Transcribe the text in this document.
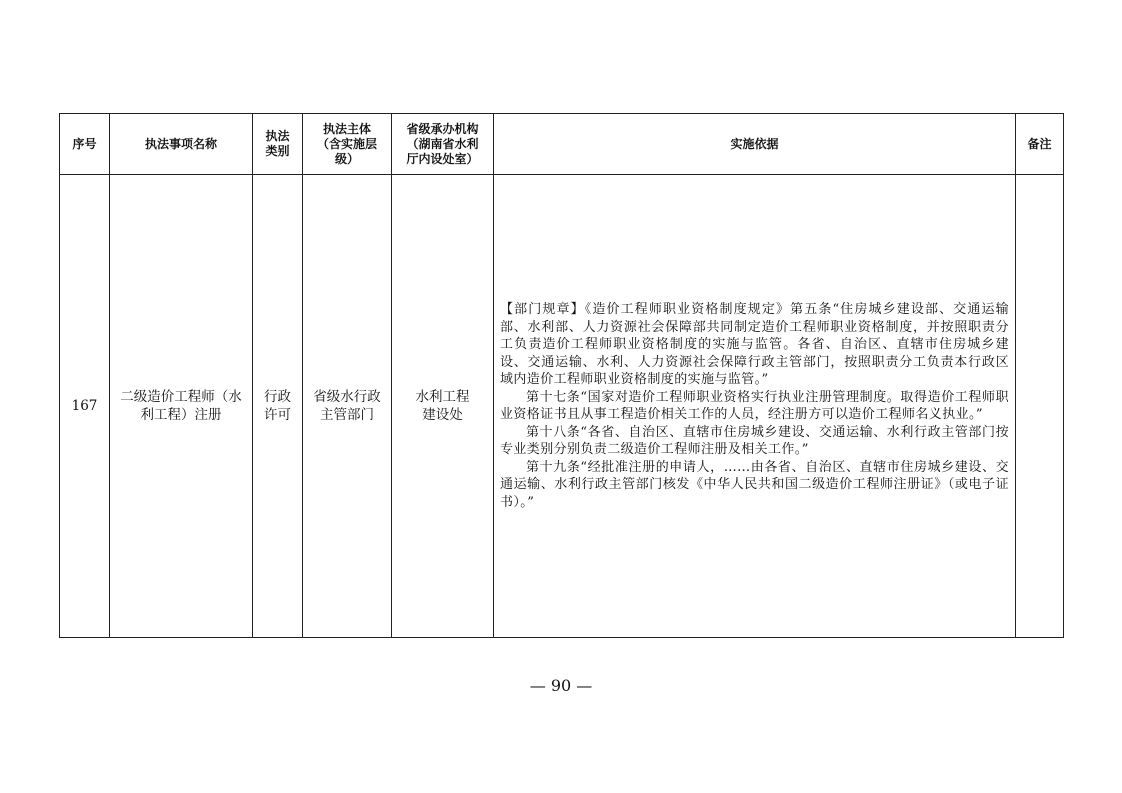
序号	执法事项名称	执法类别	执法主体（含实施层级）	省级承办机构（湖南省水利厅内设处室）	实施依据	备注
167	二级造价工程师（水利工程）注册	行政许可	省级水行政主管部门	水利工程建设处	【部门规章】《造价工程师职业资格制度规定》第五条“住房城乡建设部、交通运输部、水利部、人力资源社会保障部共同制定造价工程师职业资格制度，并按照职责分工负责造价工程师职业资格制度的实施与监管。各省、自治区、直辖市住房城乡建设、交通运输、水利、人力资源社会保障行政主管部门，按照职责分工负责本行政区域内造价工程师职业资格制度的实施与监管。”

第十七条“国家对造价工程师职业资格实行执业注册管理制度。取得造价工程师职业资格证书且从事工程造价相关工作的人员，经注册方可以造价工程师名义执业。”

第十八条“各省、自治区、直辖市住房城乡建设、交通运输、水利行政主管部门按专业类别分别负责二级造价工程师注册及相关工作。”

第十九条“经批准注册的申请人，……由各省、自治区、直辖市住房城乡建设、交通运输、水利行政主管部门核发《中华人民共和国二级造价工程师注册证》（或电子证书）。”	

— 90 —
